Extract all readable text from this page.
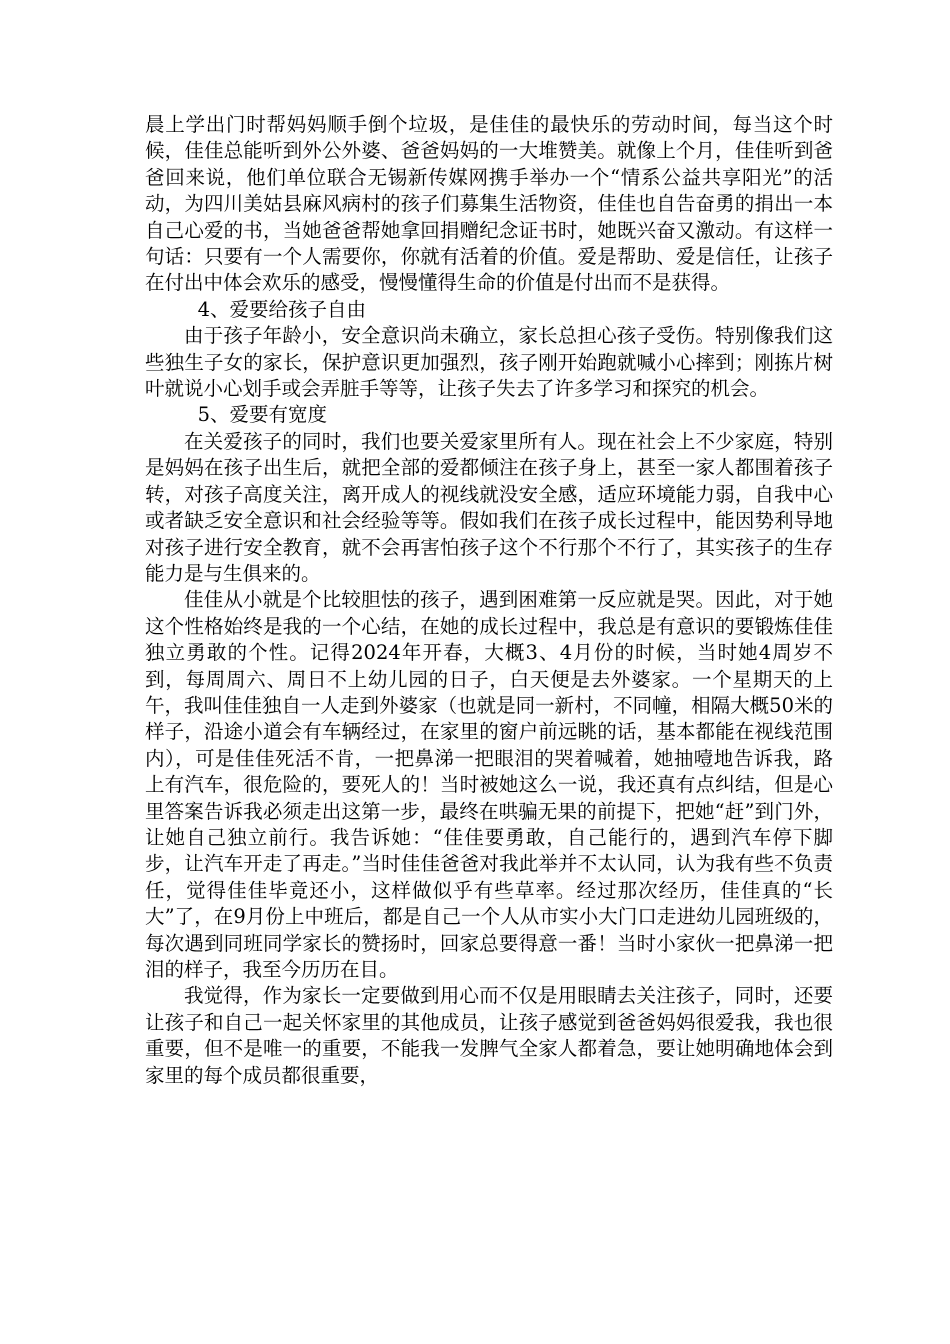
晨上学出门时帮妈妈顺手倒个垃圾，是佳佳的最快乐的劳动时间，每当这个时候，佳佳总能听到外公外婆、爸爸妈妈的一大堆赞美。就像上个月，佳佳听到爸爸回来说，他们单位联合无锡新传媒网携手举办一个“情系公益共享阳光”的活动，为四川美姑县麻风病村的孩子们募集生活物资，佳佳也自告奋勇的捐出一本自己心爱的书，当她爸爸帮她拿回捐赠纪念证书时，她既兴奋又激动。有这样一句话：只要有一个人需要你，你就有活着的价值。爱是帮助、爱是信任，让孩子在付出中体会欢乐的感受，慢慢懂得生命的价值是付出而不是获得。

4、爱要给孩子自由

由于孩子年龄小，安全意识尚未确立，家长总担心孩子受伤。特别像我们这些独生子女的家长，保护意识更加强烈，孩子刚开始跑就喊小心摔到；刚拣片树叶就说小心划手或会弄脏手等等，让孩子失去了许多学习和探究的机会。

5、爱要有宽度

在关爱孩子的同时，我们也要关爱家里所有人。现在社会上不少家庭，特别是妈妈在孩子出生后，就把全部的爱都倾注在孩子身上，甚至一家人都围着孩子转，对孩子高度关注，离开成人的视线就没安全感，适应环境能力弱，自我中心或者缺乏安全意识和社会经验等等。假如我们在孩子成长过程中，能因势利导地对孩子进行安全教育，就不会再害怕孩子这个不行那个不行了，其实孩子的生存能力是与生俱来的。

佳佳从小就是个比较胆怯的孩子，遇到困难第一反应就是哭。因此，对于她这个性格始终是我的一个心结，在她的成长过程中，我总是有意识的要锻炼佳佳独立勇敢的个性。记得2024年开春，大概3、4月份的时候，当时她4周岁不到，每周周六、周日不上幼儿园的日子，白天便是去外婆家。一个星期天的上午，我叫佳佳独自一人走到外婆家（也就是同一新村，不同幢，相隔大概50米的样子，沿途小道会有车辆经过，在家里的窗户前远眺的话，基本都能在视线范围内），可是佳佳死活不肯，一把鼻涕一把眼泪的哭着喊着，她抽噎地告诉我，路上有汽车，很危险的，要死人的！当时被她这么一说，我还真有点纠结，但是心里答案告诉我必须走出这第一步，最终在哄骗无果的前提下，把她“赶”到门外，让她自己独立前行。我告诉她：“佳佳要勇敢，自己能行的，遇到汽车停下脚步，让汽车开走了再走。”当时佳佳爸爸对我此举并不太认同，认为我有些不负责任，觉得佳佳毕竟还小，这样做似乎有些草率。经过那次经历，佳佳真的“长大”了，在9月份上中班后，都是自己一个人从市实小大门口走进幼儿园班级的，每次遇到同班同学家长的赞扬时，回家总要得意一番！当时小家伙一把鼻涕一把泪的样子，我至今历历在目。

我觉得，作为家长一定要做到用心而不仅是用眼睛去关注孩子，同时，还要让孩子和自己一起关怀家里的其他成员，让孩子感觉到爸爸妈妈很爱我，我也很重要，但不是唯一的重要，不能我一发脾气全家人都着急，要让她明确地体会到家里的每个成员都很重要，
